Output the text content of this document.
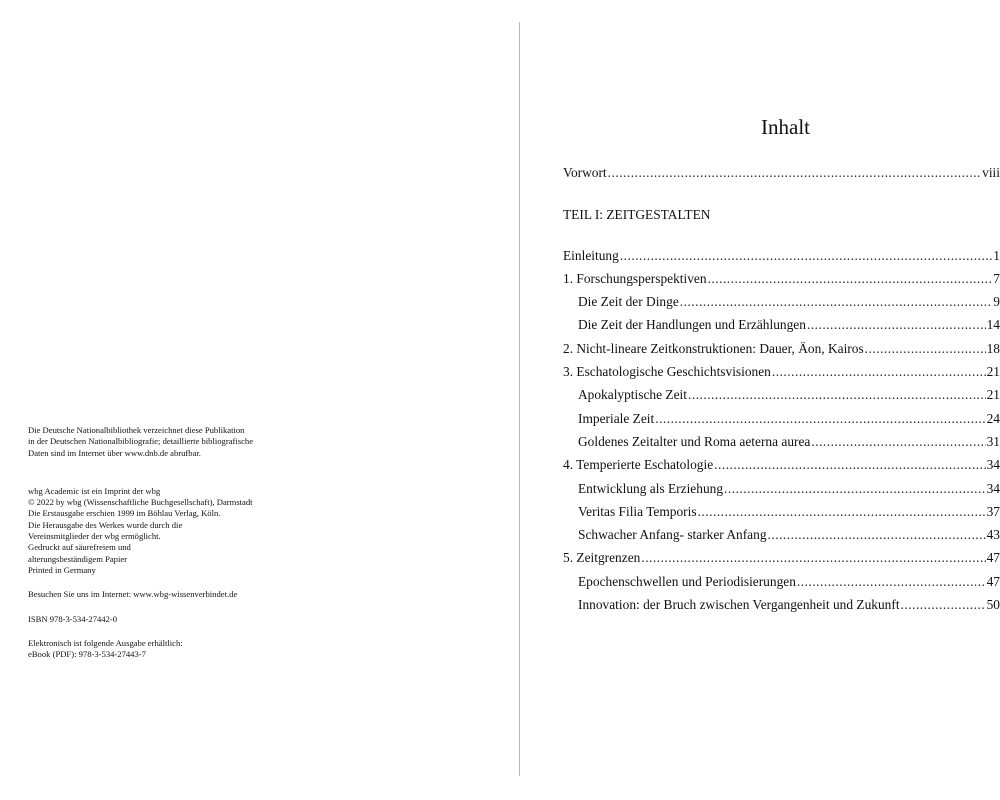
Die Deutsche Nationalbibliothek verzeichnet diese Publikation
in der Deutschen Nationalbibliografie; detaillierte bibliografische
Daten sind im Internet über www.dnb.de abrufbar.
wbg Academic ist ein Imprint der wbg
© 2022 by wbg (Wissenschaftliche Buchgesellschaft), Darmstadt
Die Erstausgabe erschien 1999 im Böhlau Verlag, Köln.
Die Herausgabe des Werkes wurde durch die
Vereinsmitglieder der wbg ermöglicht.
Gedruckt auf säurefreiem und
alterungsbeständigem Papier
Printed in Germany
Besuchen Sie uns im Internet: www.wbg-wissenverbindet.de
ISBN 978-3-534-27442-0
Elektronisch ist folgende Ausgabe erhältlich:
eBook (PDF): 978-3-534-27443-7
Inhalt
Vorwort .....	viii
TEIL I: ZEITGESTALTEN
Einleitung .....	1
1. Forschungsperspektiven .....	7
Die Zeit der Dinge .....	9
Die Zeit der Handlungen und Erzählungen .....	14
2. Nicht-lineare Zeitkonstruktionen: Dauer, Äon, Kairos .....	18
3. Eschatologische Geschichtsvisionen .....	21
Apokalyptische Zeit .....	21
Imperiale Zeit .....	24
Goldenes Zeitalter und Roma aeterna aurea .....	31
4. Temperierte Eschatologie .....	34
Entwicklung als Erziehung .....	34
Veritas Filia Temporis .....	37
Schwacher Anfang- starker Anfang .....	43
5. Zeitgrenzen .....	47
Epochenschwellen und Periodisierungen .....	47
Innovation: der Bruch zwischen Vergangenheit und Zukunft .....	50
